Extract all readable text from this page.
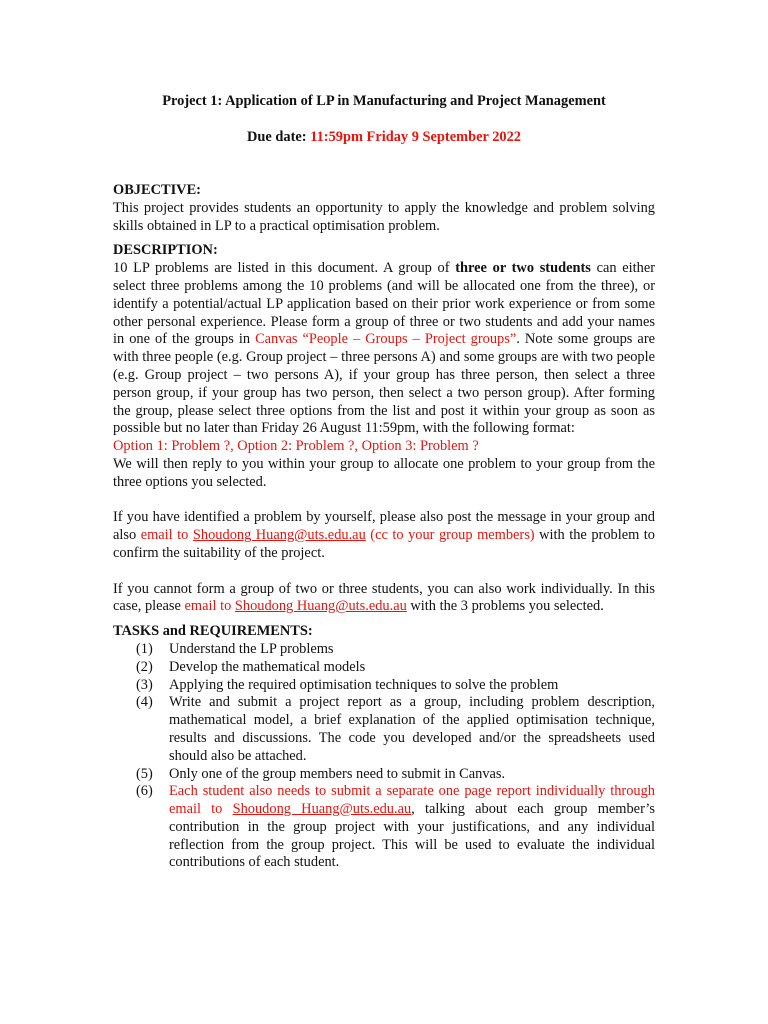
Project 1: Application of LP in Manufacturing and Project Management
Due date: 11:59pm Friday 9 September 2022
OBJECTIVE:

This project provides students an opportunity to apply the knowledge and problem solving skills obtained in LP to a practical optimisation problem.

DESCRIPTION:

10 LP problems are listed in this document. A group of three or two students can either select three problems among the 10 problems (and will be allocated one from the three), or identify a potential/actual LP application based on their prior work experience or from some other personal experience. Please form a group of three or two students and add your names in one of the groups in Canvas “People – Groups – Project groups”. Note some groups are with three people (e.g. Group project – three persons A) and some groups are with two people (e.g. Group project – two persons A), if your group has three person, then select a three person group, if your group has two person, then select a two person group). After forming the group, please select three options from the list and post it within your group as soon as possible but no later than Friday 26 August 11:59pm, with the following format:

Option 1: Problem ?, Option 2: Problem ?, Option 3: Problem ?

We will then reply to you within your group to allocate one problem to your group from the three options you selected.

If you have identified a problem by yourself, please also post the message in your group and also email to Shoudong Huang@uts.edu.au (cc to your group members) with the problem to confirm the suitability of the project.

If you cannot form a group of two or three students, you can also work individually. In this case, please email to Shoudong Huang@uts.edu.au with the 3 problems you selected.

TASKS and REQUIREMENTS:
(1)	Understand the LP problems
(2)	Develop the mathematical models
(3)	Applying the required optimisation techniques to solve the problem
(4)	Write and submit a project report as a group, including problem description, mathematical model, a brief explanation of the applied optimisation technique, results and discussions. The code you developed and/or the spreadsheets used should also be attached.
(5)	Only one of the group members need to submit in Canvas.
(6)	Each student also needs to submit a separate one page report individually through email to Shoudong Huang@uts.edu.au, talking about each group member’s contribution in the group project with your justifications, and any individual reflection from the group project. This will be used to evaluate the individual contributions of each student.
